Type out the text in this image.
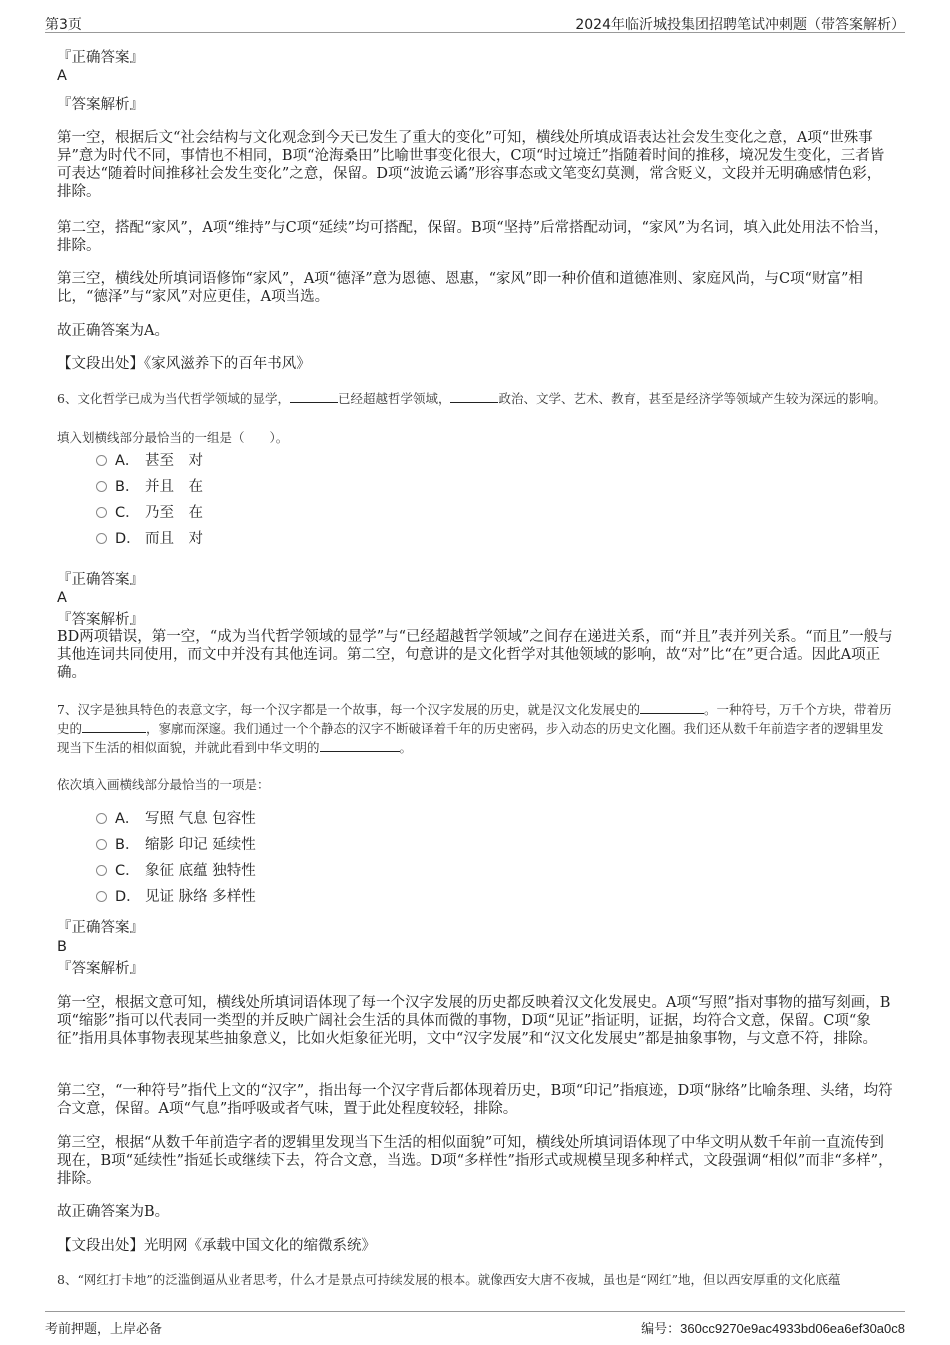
第3页	2024年临沂城投集团招聘笔试冲刺题（带答案解析）
『正确答案』
A
『答案解析』
第一空，根据后文“社会结构与文化观念到今天已发生了重大的变化”可知，横线处所填成语表达社会发生变化之意，A项“世殊事异”意为时代不同，事情也不相同，B项“沧海桑田”比喻世事变化很大，C项“时过境迁”指随着时间的推移，境况发生变化，三者皆可表达“随着时间推移社会发生变化”之意，保留。D项“波诡云谲”形容事态或文笔变幻莫测，常含贬义，文段并无明确感情色彩，排除。
第二空，搭配“家风”，A项“维持”与C项“延续”均可搭配，保留。B项“坚持”后常搭配动词，“家风”为名词，填入此处用法不恰当，排除。
第三空，横线处所填词语修饰“家风”，A项“德泽”意为恩德、恩惠，“家风”即一种价值和道德准则、家庭风尚，与C项“财富”相比，“德泽”与“家风”对应更佳，A项当选。
故正确答案为A。
【文段出处】《家风滋养下的百年书风》
6、文化哲学已成为当代哲学领域的显学，	已经超越哲学领域，	政治、文学、艺术、教育，甚至是经济学等领域产生较为深远的影响。
填入划横线部分最恰当的一组是（　　）。
A． 甚至　对
B． 并且　在
C． 乃至　在
D． 而且　对
『正确答案』
A
『答案解析』
BD两项错误，第一空，“成为当代哲学领域的显学”与“已经超越哲学领域”之间存在递进关系，而“并且”表并列关系。“而且”一般与其他连词共同使用，而文中并没有其他连词。第二空，句意讲的是文化哲学对其他领域的影响，故“对”比“在”更合适。因此A项正确。
7、汉字是独具特色的表意文字，每一个汉字都是一个故事，每一个汉字发展的历史，就是汉文化发展史的	。一种符号，万千个方块，带着历史的	，寥廓而深邃。我们通过一个个静态的汉字不断破译着千年的历史密码，步入动态的历史文化圈。我们还从数千年前造字者的逻辑里发现当下生活的相似面貌，并就此看到中华文明的	。
依次填入画横线部分最恰当的一项是：
A． 写照 气息 包容性
B． 缩影 印记 延续性
C． 象征 底蕴 独特性
D． 见证 脉络 多样性
『正确答案』
B
『答案解析』
第一空，根据文意可知，横线处所填词语体现了每一个汉字发展的历史都反映着汉文化发展史。A项“写照”指对事物的描写刻画，B项“缩影”指可以代表同一类型的并反映广阔社会生活的具体而微的事物，D项“见证”指证明，证据，均符合文意，保留。C项“象征”指用具体事物表现某些抽象意义，比如火炬象征光明，文中“汉字发展”和“汉文化发展史”都是抽象事物，与文意不符，排除。
第二空，“一种符号”指代上文的“汉字”，指出每一个汉字背后都体现着历史，B项“印记”指痕迹，D项“脉络”比喻条理、头绪，均符合文意，保留。A项“气息”指呼吸或者气味，置于此处程度较轻，排除。
第三空，根据“从数千年前造字者的逻辑里发现当下生活的相似面貌”可知，横线处所填词语体现了中华文明从数千年前一直流传到现在，B项“延续性”指延长或继续下去，符合文意，当选。D项“多样性”指形式或规模呈现多种样式，文段强调“相似”而非“多样”，排除。
故正确答案为B。
【文段出处】光明网《承载中国文化的缩微系统》
8、“网红打卡地”的泛滥倒逼从业者思考，什么才是景点可持续发展的根本。就像西安大唐不夜城，虽也是“网红”地，但以西安厚重的文化底蕴
考前押题，上岸必备	编号：360cc9270e9ac4933bd06ea6ef30a0c8
